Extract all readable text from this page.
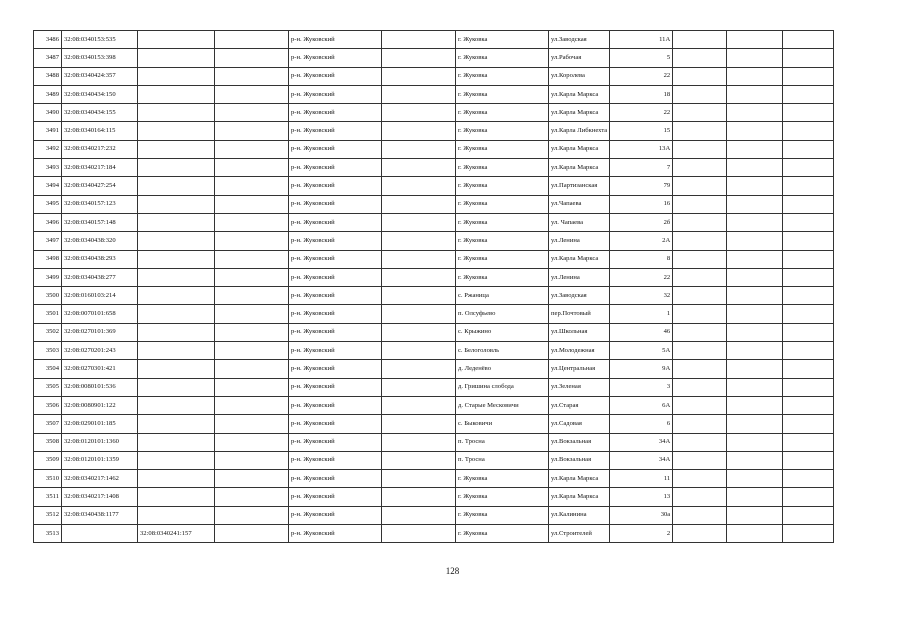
3486	32:08:0340153:535			р-н. Жуковский		г. Жуковка	ул.Заводская	11А			
3487	32:08:0340153:398			р-н. Жуковский		г. Жуковка	ул.Рабочая	5			
3488	32:08:0340424:357			р-н. Жуковский		г. Жуковка	ул.Королева	22			
3489	32:08:0340434:150			р-н. Жуковский		г. Жуковка	ул.Карла Маркса	18			
3490	32:08:0340434:155			р-н. Жуковский		г. Жуковка	ул.Карла Маркса	22			
3491	32:08:0340164:115			р-н. Жуковский		г. Жуковка	ул.Карла Либкнехта	15			
3492	32:08:0340217:232			р-н. Жуковский		г. Жуковка	ул.Карла Маркса	13А			
3493	32:08:0340217:184			р-н. Жуковский		г. Жуковка	ул.Карла Маркса	7			
3494	32:08:0340427:254			р-н. Жуковский		г. Жуковка	ул.Партизанская	79			
3495	32:08:0340157:123			р-н. Жуковский		г. Жуковка	ул.Чапаева	16			
3496	32:08:0340157:148			р-н. Жуковский		г. Жуковка	ул. Чапаева	2б			
3497	32:08:0340438:320			р-н. Жуковский		г. Жуковка	ул.Ленина	2А			
3498	32:08:0340438:293			р-н. Жуковский		г. Жуковка	ул.Карла Маркса	8			
3499	32:08:0340438:277			р-н. Жуковский		г. Жуковка	ул.Ленина	22			
3500	32:08:0160103:214			р-н. Жуковский		с. Ржаница	ул.Заводская	32			
3501	32:08:0070101:658			р-н. Жуковский		п. Олсуфьево	пер.Почтовый	1			
3502	32:08:0270101:369			р-н. Жуковский		с. Крыжино	ул.Школьная	46			
3503	32:08:0270201:243			р-н. Жуковский		с. Белоголовль	ул.Молодежная	5А			
3504	32:08:0270301:421			р-н. Жуковский		д. Леденёво	ул.Центральная	9А			
3505	32:08:0080101:536			р-н. Жуковский		д. Гришина слобода	ул.Зеленая	3			
3506	32:08:0080901:122			р-н. Жуковский		д. Старые Месковичи	ул.Старая	6А			
3507	32:08:0290101:185			р-н. Жуковский		с. Быковичи	ул.Садовая	6			
3508	32:08:0120101:1360			р-н. Жуковский		п. Тросна	ул.Вокзальная	34А			
3509	32:08:0120101:1359			р-н. Жуковский		п. Тросна	ул.Вокзальная	34А			
3510	32:08:0340217:1462			р-н. Жуковский		г. Жуковка	ул.Карла Маркса	11			
3511	32:08:0340217:1408			р-н. Жуковский		г. Жуковка	ул.Карла Маркса	13			
3512	32:08:0340438:1177			р-н. Жуковский		г. Жуковка	ул.Калинина	30а			
3513		32:08:0340241:157		р-н. Жуковский		г. Жуковка	ул.Строителей	2			
128
